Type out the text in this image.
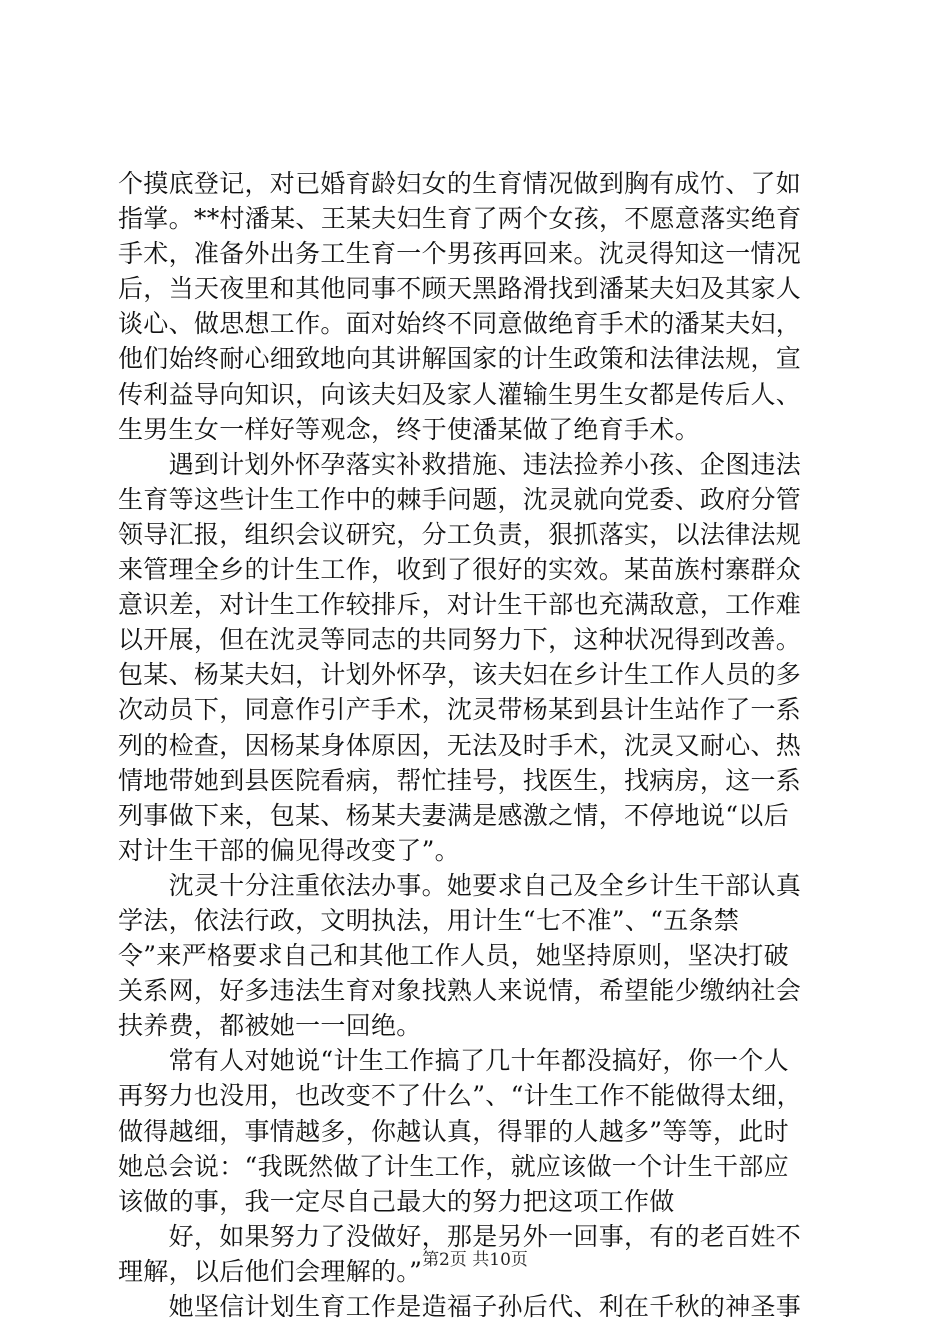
个摸底登记，对已婚育龄妇女的生育情况做到胸有成竹、了如
指掌。**村潘某、王某夫妇生育了两个女孩，不愿意落实绝育
手术，准备外出务工生育一个男孩再回来。沈灵得知这一情况
后，当天夜里和其他同事不顾天黑路滑找到潘某夫妇及其家人
谈心、做思想工作。面对始终不同意做绝育手术的潘某夫妇，
他们始终耐心细致地向其讲解国家的计生政策和法律法规，宣
传利益导向知识，向该夫妇及家人灌输生男生女都是传后人、
生男生女一样好等观念，终于使潘某做了绝育手术。
　　遇到计划外怀孕落实补救措施、违法捡养小孩、企图违法
生育等这些计生工作中的棘手问题，沈灵就向党委、政府分管
领导汇报，组织会议研究，分工负责，狠抓落实，以法律法规
来管理全乡的计生工作，收到了很好的实效。某苗族村寨群众
意识差，对计生工作较排斥，对计生干部也充满敌意，工作难
以开展，但在沈灵等同志的共同努力下，这种状况得到改善。
包某、杨某夫妇，计划外怀孕，该夫妇在乡计生工作人员的多
次动员下，同意作引产手术，沈灵带杨某到县计生站作了一系
列的检查，因杨某身体原因，无法及时手术，沈灵又耐心、热
情地带她到县医院看病，帮忙挂号，找医生，找病房，这一系
列事做下来，包某、杨某夫妻满是感激之情，不停地说“以后
对计生干部的偏见得改变了”。
　　沈灵十分注重依法办事。她要求自己及全乡计生干部认真
学法，依法行政，文明执法，用计生“七不准”、“五条禁
令”来严格要求自己和其他工作人员，她坚持原则，坚决打破
关系网，好多违法生育对象找熟人来说情，希望能少缴纳社会
扶养费，都被她一一回绝。
　　常有人对她说“计生工作搞了几十年都没搞好，你一个人
再努力也没用，也改变不了什么”、“计生工作不能做得太细，
做得越细，事情越多，你越认真，得罪的人越多”等等，此时
她总会说：“我既然做了计生工作，就应该做一个计生干部应
该做的事，我一定尽自己最大的努力把这项工作做
　　好，如果努力了没做好，那是另外一回事，有的老百姓不
理解，以后他们会理解的。”
　　她坚信计划生育工作是造福子孙后代、利在千秋的神圣事
第2页 共10页
